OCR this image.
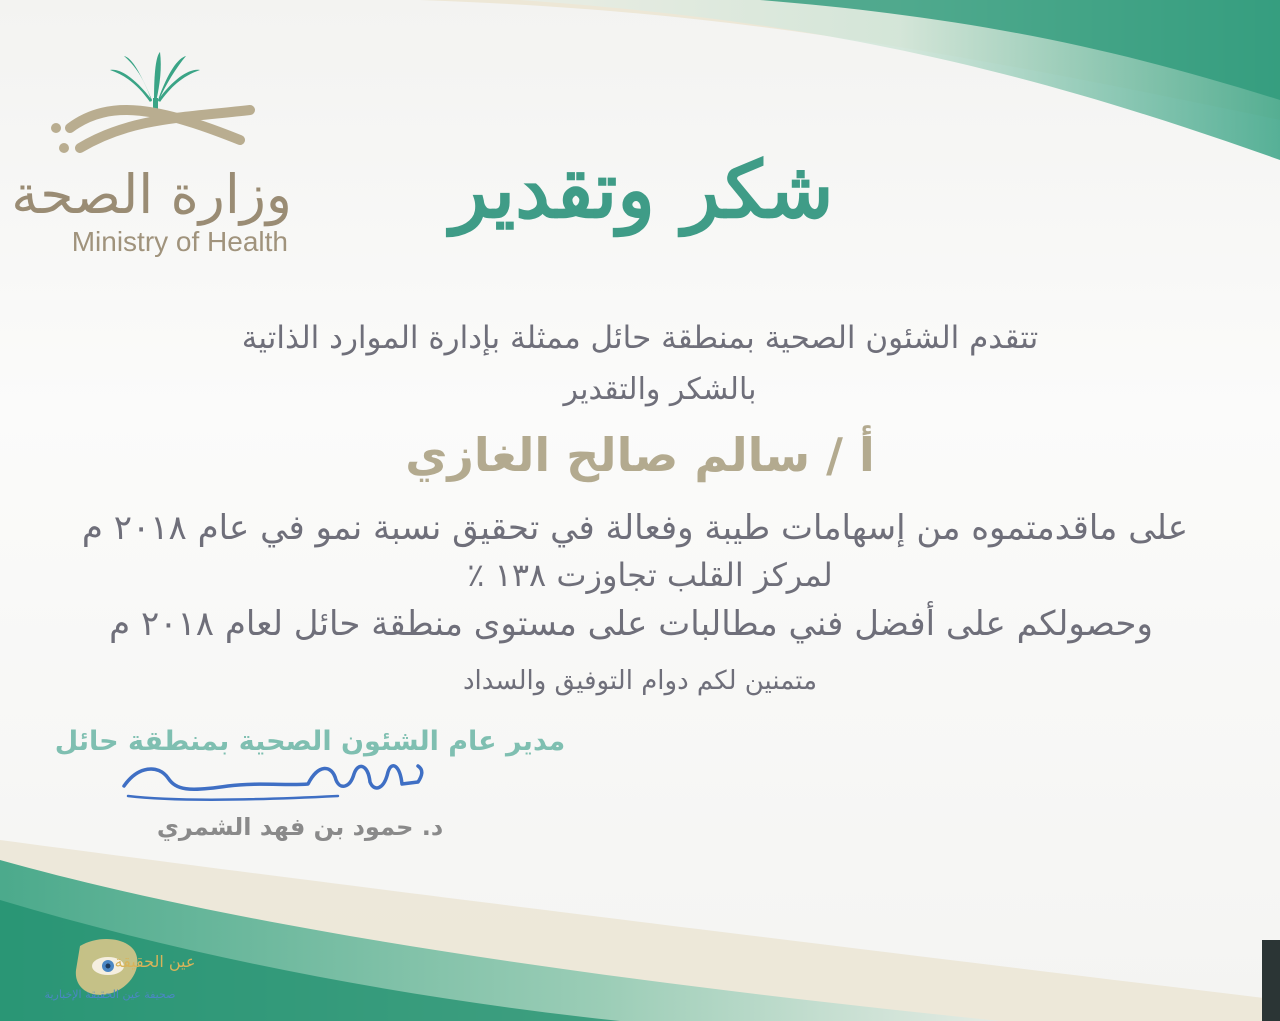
وزارة الصحة
Ministry of Health
شكر وتقدير
تتقدم الشئون الصحية بمنطقة حائل ممثلة بإدارة الموارد الذاتية
بالشكر والتقدير
أ / سالم صالح الغازي
على ماقدمتموه من إسهامات طيبة وفعالة في تحقيق نسبة نمو في عام ٢٠١٨ م
لمركز القلب تجاوزت ١٣٨ ٪
وحصولكم على أفضل فني مطالبات على مستوى منطقة حائل لعام ٢٠١٨ م
متمنين لكم دوام التوفيق والسداد
مدير عام الشئون الصحية بمنطقة حائل
د. حمود بن فهد الشمري
عين الحقيقة
صحيفة عين الحقيقة الإخبارية
